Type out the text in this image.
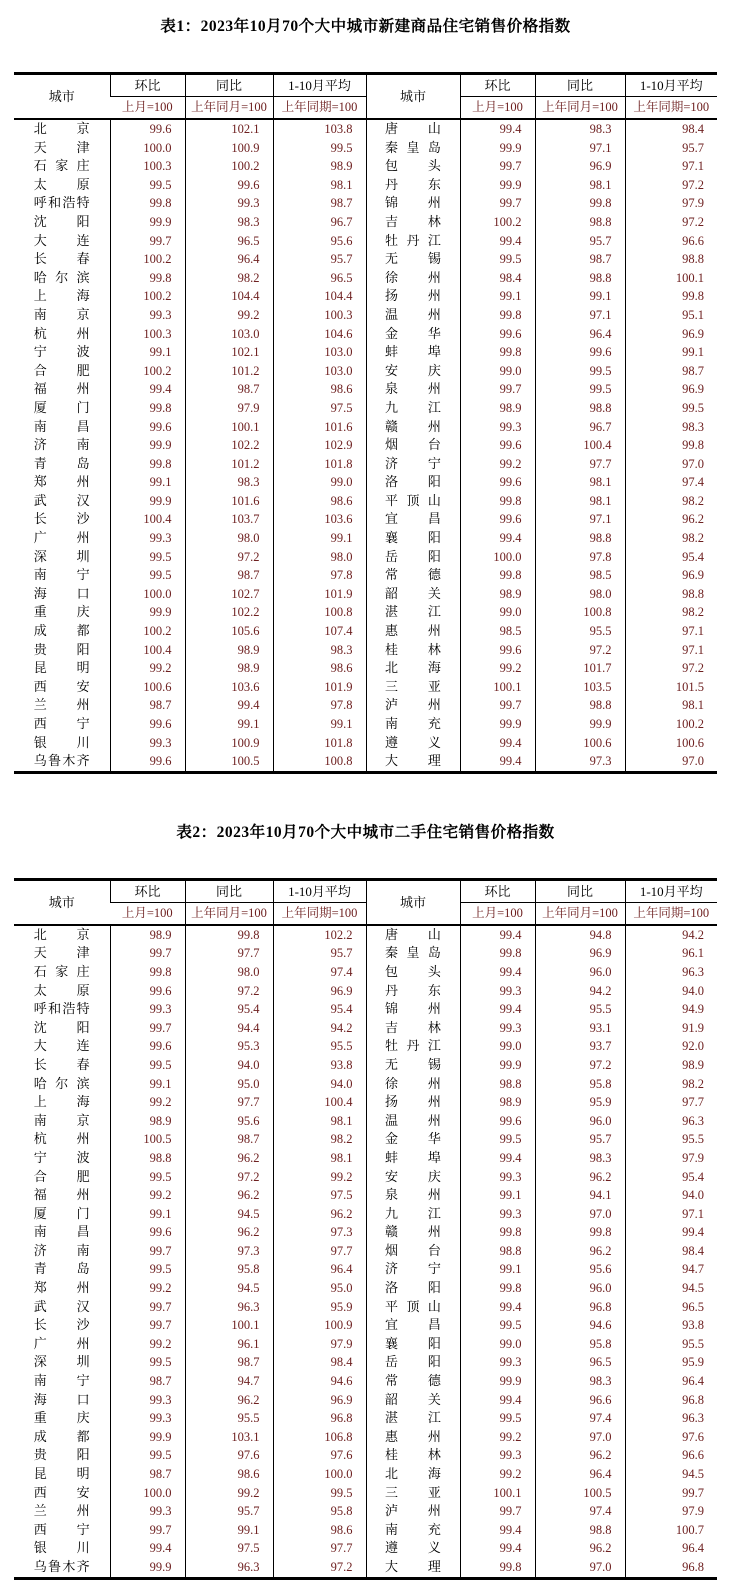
表1：2023年10月70个大中城市新建商品住宅销售价格指数
城市	环比	同比	1-10月平均	城市	环比	同比	1-10月平均
	上月=100	上年同月=100	上年同期=100		上月=100	上年同月=100	上年同期=100
北京	99.6	102.1	103.8	唐山	99.4	98.3	98.4
天津	100.0	100.9	99.5	秦皇岛	99.9	97.1	95.7
石家庄	100.3	100.2	98.9	包头	99.7	96.9	97.1
太原	99.5	99.6	98.1	丹东	99.9	98.1	97.2
呼和浩特	99.8	99.3	98.7	锦州	99.7	99.8	97.9
沈阳	99.9	98.3	96.7	吉林	100.2	98.8	97.2
大连	99.7	96.5	95.6	牡丹江	99.4	95.7	96.6
长春	100.2	96.4	95.7	无锡	99.5	98.7	98.8
哈尔滨	99.8	98.2	96.5	徐州	98.4	98.8	100.1
上海	100.2	104.4	104.4	扬州	99.1	99.1	99.8
南京	99.3	99.2	100.3	温州	99.8	97.1	95.1
杭州	100.3	103.0	104.6	金华	99.6	96.4	96.9
宁波	99.1	102.1	103.0	蚌埠	99.8	99.6	99.1
合肥	100.2	101.2	103.0	安庆	99.0	99.5	98.7
福州	99.4	98.7	98.6	泉州	99.7	99.5	96.9
厦门	99.8	97.9	97.5	九江	98.9	98.8	99.5
南昌	99.6	100.1	101.6	赣州	99.3	96.7	98.3
济南	99.9	102.2	102.9	烟台	99.6	100.4	99.8
青岛	99.8	101.2	101.8	济宁	99.2	97.7	97.0
郑州	99.1	98.3	99.0	洛阳	99.6	98.1	97.4
武汉	99.9	101.6	98.6	平顶山	99.8	98.1	98.2
长沙	100.4	103.7	103.6	宜昌	99.6	97.1	96.2
广州	99.3	98.0	99.1	襄阳	99.4	98.8	98.2
深圳	99.5	97.2	98.0	岳阳	100.0	97.8	95.4
南宁	99.5	98.7	97.8	常德	99.8	98.5	96.9
海口	100.0	102.7	101.9	韶关	98.9	98.0	98.8
重庆	99.9	102.2	100.8	湛江	99.0	100.8	98.2
成都	100.2	105.6	107.4	惠州	98.5	95.5	97.1
贵阳	100.4	98.9	98.3	桂林	99.6	97.2	97.1
昆明	99.2	98.9	98.6	北海	99.2	101.7	97.2
西安	100.6	103.6	101.9	三亚	100.1	103.5	101.5
兰州	98.7	99.4	97.8	泸州	99.7	98.8	98.1
西宁	99.6	99.1	99.1	南充	99.9	99.9	100.2
银川	99.3	100.9	101.8	遵义	99.4	100.6	100.6
乌鲁木齐	99.6	100.5	100.8	大理	99.4	97.3	97.0
表2：2023年10月70个大中城市二手住宅销售价格指数
城市	环比	同比	1-10月平均	城市	环比	同比	1-10月平均
	上月=100	上年同月=100	上年同期=100		上月=100	上年同月=100	上年同期=100
北京	98.9	99.8	102.2	唐山	99.4	94.8	94.2
天津	99.7	97.7	95.7	秦皇岛	99.8	96.9	96.1
石家庄	99.8	98.0	97.4	包头	99.4	96.0	96.3
太原	99.6	97.2	96.9	丹东	99.3	94.2	94.0
呼和浩特	99.3	95.4	95.4	锦州	99.4	95.5	94.9
沈阳	99.7	94.4	94.2	吉林	99.3	93.1	91.9
大连	99.6	95.3	95.5	牡丹江	99.0	93.7	92.0
长春	99.5	94.0	93.8	无锡	99.9	97.2	98.9
哈尔滨	99.1	95.0	94.0	徐州	98.8	95.8	98.2
上海	99.2	97.7	100.4	扬州	98.9	95.9	97.7
南京	98.9	95.6	98.1	温州	99.6	96.0	96.3
杭州	100.5	98.7	98.2	金华	99.5	95.7	95.5
宁波	98.8	96.2	98.1	蚌埠	99.4	98.3	97.9
合肥	99.5	97.2	99.2	安庆	99.3	96.2	95.4
福州	99.2	96.2	97.5	泉州	99.1	94.1	94.0
厦门	99.1	94.5	96.2	九江	99.3	97.0	97.1
南昌	99.6	96.2	97.3	赣州	99.8	99.8	99.4
济南	99.7	97.3	97.7	烟台	98.8	96.2	98.4
青岛	99.5	95.8	96.4	济宁	99.1	95.6	94.7
郑州	99.2	94.5	95.0	洛阳	99.8	96.0	94.5
武汉	99.7	96.3	95.9	平顶山	99.4	96.8	96.5
长沙	99.7	100.1	100.9	宜昌	99.5	94.6	93.8
广州	99.2	96.1	97.9	襄阳	99.0	95.8	95.5
深圳	99.5	98.7	98.4	岳阳	99.3	96.5	95.9
南宁	98.7	94.7	94.6	常德	99.9	98.3	96.4
海口	99.3	96.2	96.9	韶关	99.4	96.6	96.8
重庆	99.3	95.5	96.8	湛江	99.5	97.4	96.3
成都	99.9	103.1	106.8	惠州	99.2	97.0	97.6
贵阳	99.5	97.6	97.6	桂林	99.3	96.2	96.6
昆明	98.7	98.6	100.0	北海	99.2	96.4	94.5
西安	100.0	99.2	99.5	三亚	100.1	100.5	99.7
兰州	99.3	95.7	95.8	泸州	99.7	97.4	97.9
西宁	99.7	99.1	98.6	南充	99.4	98.8	100.7
银川	99.4	97.5	97.7	遵义	99.4	96.2	96.4
乌鲁木齐	99.9	96.3	97.2	大理	99.8	97.0	96.8
